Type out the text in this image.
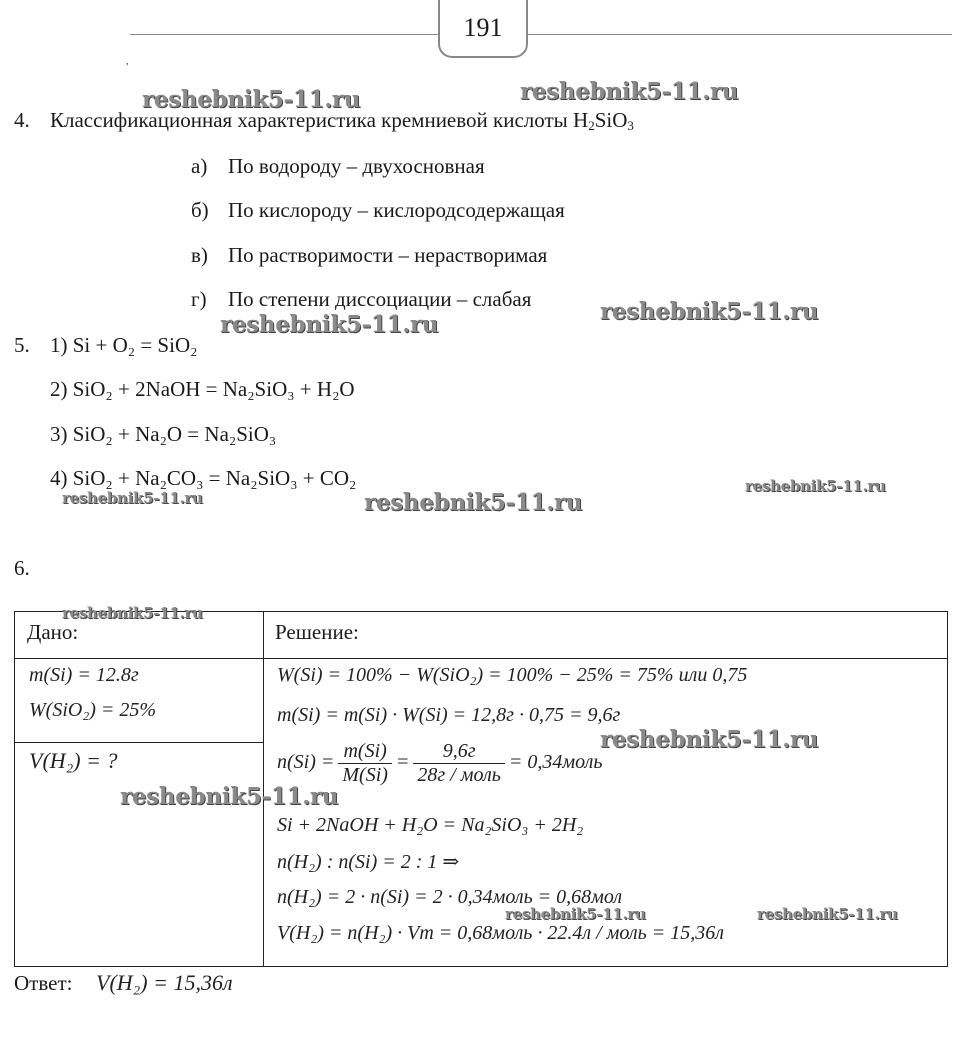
191
,
4. Классификационная характеристика кремниевой кислоты H2SiO3
а) По водороду – двухосновная
б) По кислороду – кислородсодержащая
в) По растворимости – нерастворимая
г) По степени диссоциации – слабая
5. 1) Si + O₂ = SiO₂
2) SiO₂ + 2NaOH = Na₂SiO₃ + H₂O
3) SiO₂ + Na₂O = Na₂SiO₃
4) SiO₂ + Na₂CO₃ = Na₂SiO₃ + CO₂
6.
Дано:	Решение:
m(Si) = 12.8г
W(SiO₂) = 25%
V(H₂) = ?
W(Si) = 100% − W(SiO₂) = 100% − 25% = 75% или 0,75
m(Si) = m(Si) · W(Si) = 12,8г · 0,75 = 9,6г
$n(Si) = \frac{m(Si)}{M(Si)} = \frac{9,6г}{\text{28г / моль}}$ = 0,34моль
Si + 2NaOH + H₂O = Na₂SiO₃ + 2H₂
n(H₂) : n(Si) = 2 : 1 ⇒
n(H₂) = 2 · n(Si) = 2 · 0,34моль = 0,68мол
V(H₂) = n(H₂) · Vm = 0,68моль · 22.4л / моль = 15,36л
Ответ: V(H₂) = 15,36л
reshebnik5-11.ru	reshebnik5-11.ru
reshebnik5-11.ru	reshebnik5-11.ru
reshebnik5-11.ru	reshebnik5-11.ru
reshebnik5-11.ru
reshebnik5-11.ru
reshebnik5-11.ru
reshebnik5-11.ru
reshebnik5-11.ru	reshebnik5-11.ru
